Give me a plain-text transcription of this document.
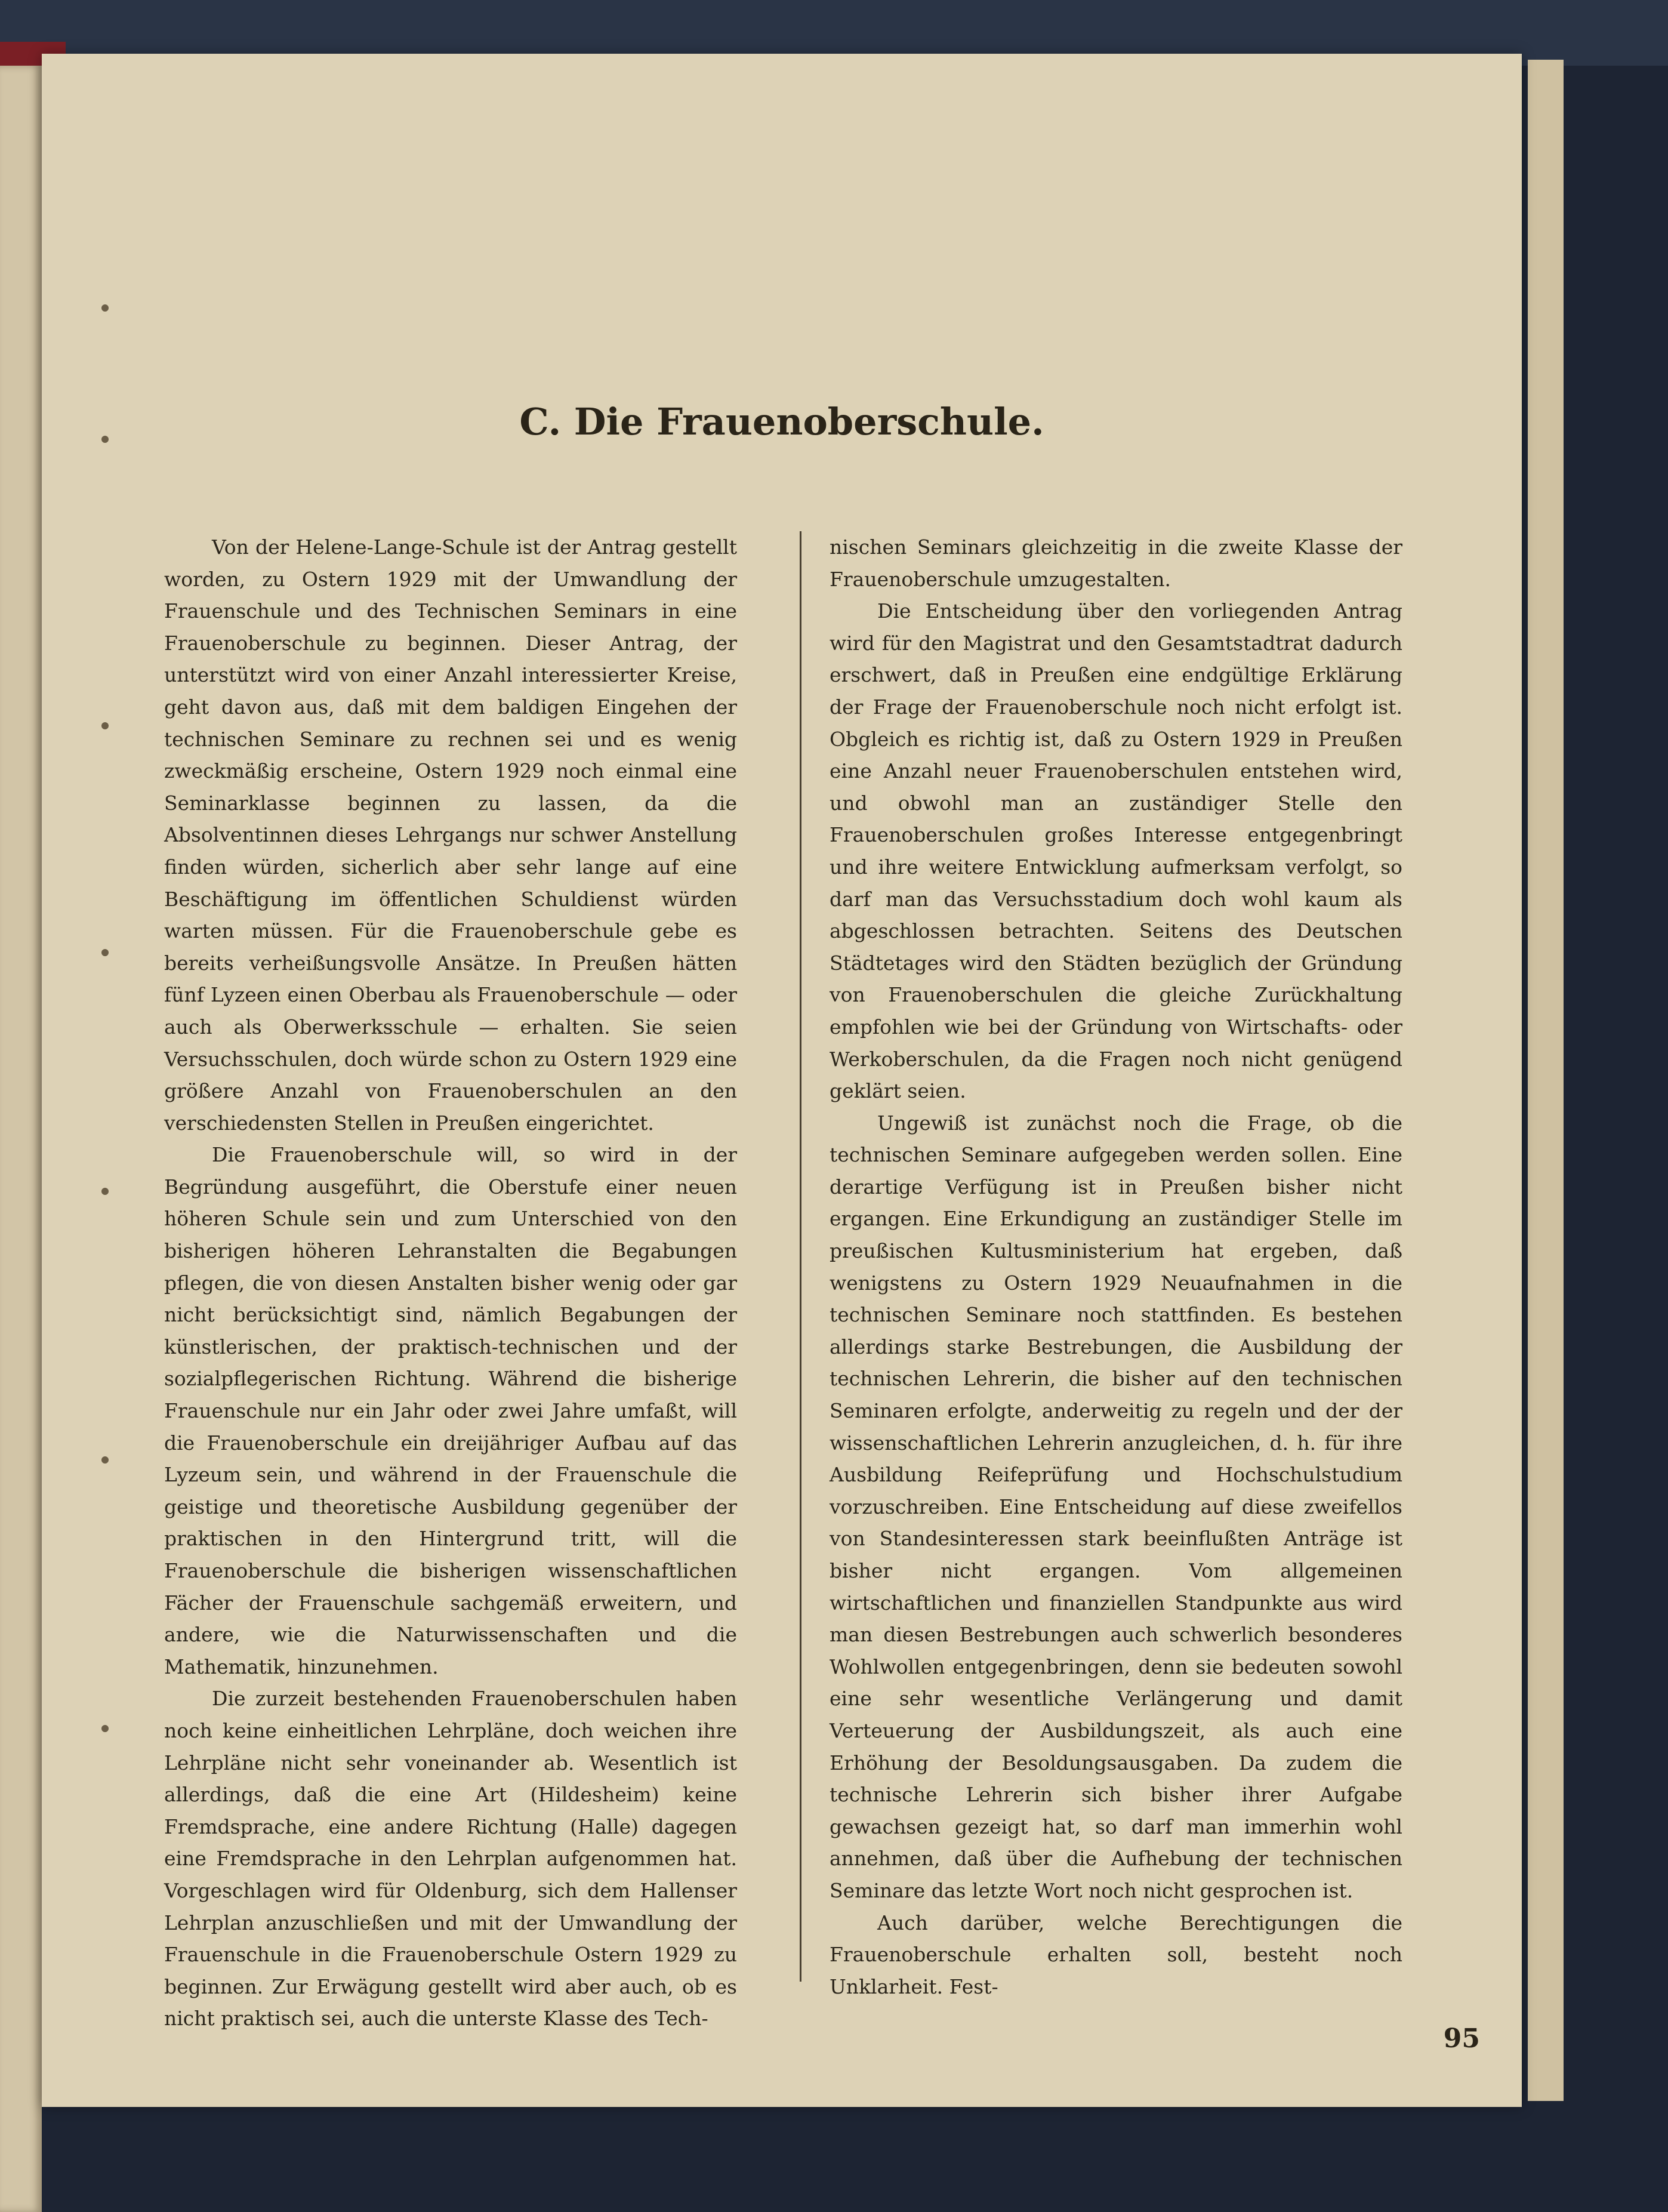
C. Die Frauenoberschule.

Von der Helene-Lange-Schule ist der Antrag gestellt worden, zu Ostern 1929 mit der Umwandlung der Frauenschule und des Technischen Seminars in eine Frauenoberschule zu beginnen. Dieser Antrag, der unterstützt wird von einer Anzahl interessierter Kreise, geht davon aus, daß mit dem baldigen Eingehen der technischen Seminare zu rechnen sei und es wenig zweckmäßig erscheine, Ostern 1929 noch einmal eine Seminarklasse beginnen zu lassen, da die Absolventinnen dieses Lehrgangs nur schwer Anstellung finden würden, sicherlich aber sehr lange auf eine Beschäftigung im öffentlichen Schuldienst würden warten müssen. Für die Frauenoberschule gebe es bereits verheißungsvolle Ansätze. In Preußen hätten fünf Lyzeen einen Oberbau als Frauenoberschule — oder auch als Oberwerksschule — erhalten. Sie seien Versuchsschulen, doch würde schon zu Ostern 1929 eine größere Anzahl von Frauenoberschulen an den verschiedensten Stellen in Preußen eingerichtet.

Die Frauenoberschule will, so wird in der Begründung ausgeführt, die Oberstufe einer neuen höheren Schule sein und zum Unterschied von den bisherigen höheren Lehranstalten die Begabungen pflegen, die von diesen Anstalten bisher wenig oder gar nicht berücksichtigt sind, nämlich Begabungen der künstlerischen, der praktisch-technischen und der sozialpflegerischen Richtung. Während die bisherige Frauenschule nur ein Jahr oder zwei Jahre umfaßt, will die Frauenoberschule ein dreijähriger Aufbau auf das Lyzeum sein, und während in der Frauenschule die geistige und theoretische Ausbildung gegenüber der praktischen in den Hintergrund tritt, will die Frauenoberschule die bisherigen wissenschaftlichen Fächer der Frauenschule sachgemäß erweitern, und andere, wie die Naturwissenschaften und die Mathematik, hinzunehmen.

Die zurzeit bestehenden Frauenoberschulen haben noch keine einheitlichen Lehrpläne, doch weichen ihre Lehrpläne nicht sehr voneinander ab. Wesentlich ist allerdings, daß die eine Art (Hildesheim) keine Fremdsprache, eine andere Richtung (Halle) dagegen eine Fremdsprache in den Lehrplan aufgenommen hat. Vorgeschlagen wird für Oldenburg, sich dem Hallenser Lehrplan anzuschließen und mit der Umwandlung der Frauenschule in die Frauenoberschule Ostern 1929 zu beginnen. Zur Erwägung gestellt wird aber auch, ob es nicht praktisch sei, auch die unterste Klasse des Tech-

nischen Seminars gleichzeitig in die zweite Klasse der Frauenoberschule umzugestalten.

Die Entscheidung über den vorliegenden Antrag wird für den Magistrat und den Gesamtstadtrat dadurch erschwert, daß in Preußen eine endgültige Erklärung der Frage der Frauenoberschule noch nicht erfolgt ist. Obgleich es richtig ist, daß zu Ostern 1929 in Preußen eine Anzahl neuer Frauenoberschulen entstehen wird, und obwohl man an zuständiger Stelle den Frauenoberschulen großes Interesse entgegenbringt und ihre weitere Entwicklung aufmerksam verfolgt, so darf man das Versuchsstadium doch wohl kaum als abgeschlossen betrachten. Seitens des Deutschen Städtetages wird den Städten bezüglich der Gründung von Frauenoberschulen die gleiche Zurückhaltung empfohlen wie bei der Gründung von Wirtschafts- oder Werkoberschulen, da die Fragen noch nicht genügend geklärt seien.

Ungewiß ist zunächst noch die Frage, ob die technischen Seminare aufgegeben werden sollen. Eine derartige Verfügung ist in Preußen bisher nicht ergangen. Eine Erkundigung an zuständiger Stelle im preußischen Kultusministerium hat ergeben, daß wenigstens zu Ostern 1929 Neuaufnahmen in die technischen Seminare noch stattfinden. Es bestehen allerdings starke Bestrebungen, die Ausbildung der technischen Lehrerin, die bisher auf den technischen Seminaren erfolgte, anderweitig zu regeln und der der wissenschaftlichen Lehrerin anzugleichen, d. h. für ihre Ausbildung Reifeprüfung und Hochschulstudium vorzuschreiben. Eine Entscheidung auf diese zweifellos von Standesinteressen stark beeinflußten Anträge ist bisher nicht ergangen. Vom allgemeinen wirtschaftlichen und finanziellen Standpunkte aus wird man diesen Bestrebungen auch schwerlich besonderes Wohlwollen entgegenbringen, denn sie bedeuten sowohl eine sehr wesentliche Verlängerung und damit Verteuerung der Ausbildungszeit, als auch eine Erhöhung der Besoldungsausgaben. Da zudem die technische Lehrerin sich bisher ihrer Aufgabe gewachsen gezeigt hat, so darf man immerhin wohl annehmen, daß über die Aufhebung der technischen Seminare das letzte Wort noch nicht gesprochen ist.

Auch darüber, welche Berechtigungen die Frauenoberschule erhalten soll, besteht noch Unklarheit. Fest-

95
